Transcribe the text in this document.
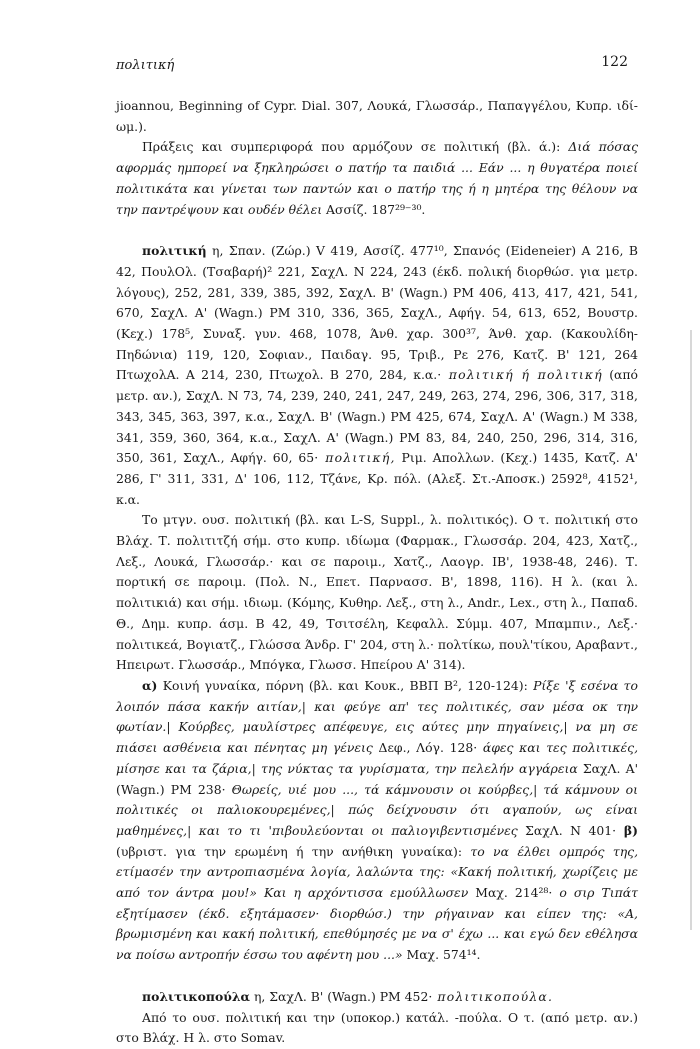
πολιτική	122

jioannou, Beginning of Cypr. Dial. 307, Λουκά, Γλωσσάρ., Παπαγγέλου, Κυπρ. ιδί- ωμ.).

Πράξεις και συμπεριφορά που αρμόζουν σε πολιτική (βλ. ά.): Διά πόσας αφορμάς ημπορεί να ξηκληρώσει ο πατήρ τα παιδιά ... Εάν ... η θυγατέρα ποιεί πολιτικάτα και γίνεται των παντών και ο πατήρ της ή η μητέρα της θέλουν να την παντρέψουν και ουδέν θέλει Ασσίζ. 187²⁹⁻³⁰.

πολιτική η, Σπαν. (Ζώρ.) V 419, Ασσίζ. 477¹⁰, Σπανός (Eideneier) Α 216, Β 42, ΠουλΟλ. (Τσαβαρή)² 221, ΣαχΛ. Ν 224, 243 (έκδ. πολική διορθώσ. για μετρ. λόγους), 252, 281, 339, 385, 392, ΣαχΛ. Β' (Wagn.) PM 406, 413, 417, 421, 541, 670, ΣαχΛ. Α' (Wagn.) PM 310, 336, 365, ΣαχΛ., Αφήγ. 54, 613, 652, Βουστρ. (Κεχ.) 178⁵, Συναξ. γυν. 468, 1078, Άνθ. χαρ. 300³⁷, Άνθ. χαρ. (Κακουλίδη-Πηδώνια) 119, 120, Σοφιαν., Παιδαγ. 95, Τριβ., Ρε 276, Κατζ. Β' 121, 264 ΠτωχολΑ. Α 214, 230, Πτωχολ. Β 270, 284, κ.α.· πολιτική ή πολιτική (από μετρ. αν.), ΣαχΛ. Ν 73, 74, 239, 240, 241, 247, 249, 263, 274, 296, 306, 317, 318, 343, 345, 363, 397, κ.α., ΣαχΛ. Β' (Wagn.) PM 425, 674, ΣαχΛ. Α' (Wagn.) Μ 338, 341, 359, 360, 364, κ.α., ΣαχΛ. Α' (Wagn.) PM 83, 84, 240, 250, 296, 314, 316, 350, 361, ΣαχΛ., Αφήγ. 60, 65· πολιτική, Ριμ. Απολλων. (Κεχ.) 1435, Κατζ. Α' 286, Γ' 311, 331, Δ' 106, 112, Τζάνε, Κρ. πόλ. (Αλεξ. Στ.-Αποσκ.) 2592⁸, 4152¹, κ.α.

Το μτγν. ουσ. πολιτική (βλ. και L-S, Suppl., λ. πολιτικός). Ο τ. πολιτική στο Βλάχ. Τ. πολιτιτζή σήμ. στο κυπρ. ιδίωμα (Φαρμακ., Γλωσσάρ. 204, 423, Χατζ., Λεξ., Λουκά, Γλωσσάρ.· και σε παροιμ., Χατζ., Λαογρ. ΙΒ', 1938-48, 246). Τ. πορτική σε παροιμ. (Πολ. Ν., Επετ. Παρνασσ. Β', 1898, 116). Η λ. (και λ. πολιτικιά) και σήμ. ιδιωμ. (Κόμης, Κυθηρ. Λεξ., στη λ., Andr., Lex., στη λ., Παπαδ. Θ., Δημ. κυπρ. άσμ. Β 42, 49, Τσιτσέλη, Κεφαλλ. Σύμμ. 407, Μπαμπιν., Λεξ.· πολιτικεά, Βογιατζ., Γλώσσα Άνδρ. Γ' 204, στη λ.· πολτίκω, πουλ'τίκου, Αραβαντ., Ηπειρωτ. Γλωσσάρ., Μπόγκα, Γλωσσ. Ηπείρου Α' 314).

α) Κοινή γυναίκα, πόρνη (βλ. και Κουκ., ΒΒΠ Β², 120-124): Ρίξε 'ξ εσένα το λοιπόν πάσα κακήν αιτίαν,| και φεύγε απ' τες πολιτικές, σαν μέσα οκ την φωτίαν.| Κούρβες, μαυλίστρες απέφευγε, εις αύτες μην πηγαίνεις,| να μη σε πιάσει ασθένεια και πένητας μη γένεις Δεφ., Λόγ. 128· άφες και τες πολιτικές, μίσησε και τα ζάρια,| της νύκτας τα γυρίσματα, την πελελήν αγγάρεια ΣαχΛ. Α' (Wagn.) PM 238· Θωρείς, υιέ μου ..., τά κάμνουσιν οι κούρβες,| τά κάμνουν οι πολιτικές οι παλιοκουρεμένες,| πώς δείχνουσιν ότι αγαπούν, ως είναι μαθημένες,| και το τι 'πιβουλεύονται οι παλιογιβεντισμένες ΣαχΛ. Ν 401· β) (υβριστ. για την ερωμένη ή την ανήθικη γυναίκα): το να έλθει ομπρός της, ετίμασέν την αντροπιασμένα λογία, λαλώντα της: «Κακή πολιτική, χωρίζεις με από τον άντρα μου!» Και η αρχόντισσα εμούλλωσεν Μαχ. 214²⁸· ο σιρ Τιπάτ εξητίμασεν (έκδ. εξητάμασεν· διορθώσ.) την ρήγαιναν και είπεν της: «Α, βρωμισμένη και κακή πολιτική, επεθύμησές με να σ' έχω ... και εγώ δεν εθέλησα να ποίσω αντροπήν έσσω του αφέντη μου ...» Μαχ. 574¹⁴.

πολιτικοπούλα η, ΣαχΛ. Β' (Wagn.) PM 452· πολιτικοπούλα.

Από το ουσ. πολιτική και την (υποκορ.) κατάλ. -πούλα. Ο τ. (από μετρ. αν.) στο Βλάχ. Η λ. στο Somav.
